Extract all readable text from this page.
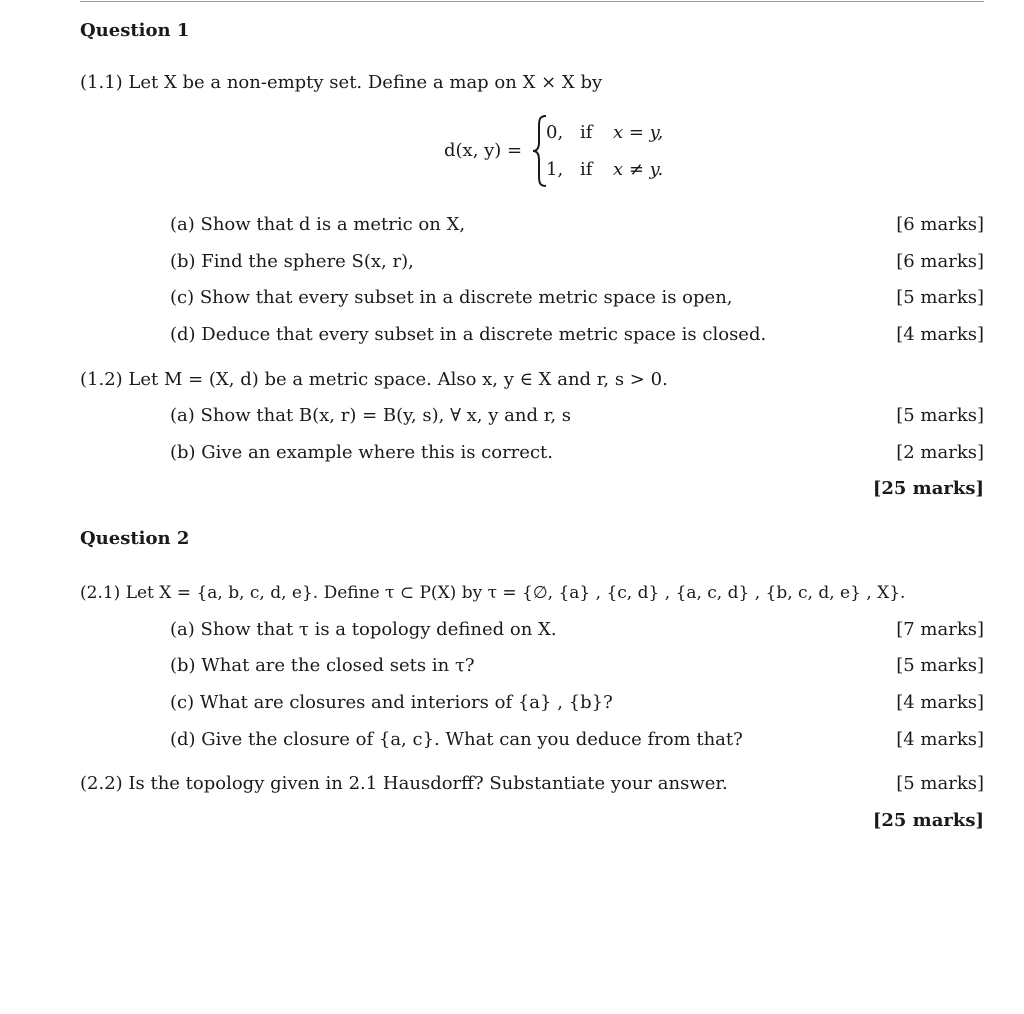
Question 1
(1.1) Let X be a non-empty set. Define a map on X × X by
d(x, y) =
0, if x = y,
1, if x ≠ y.
(a) Show that d is a metric on X,	[6 marks]
(b) Find the sphere S(x, r),	[6 marks]
(c) Show that every subset in a discrete metric space is open,	[5 marks]
(d) Deduce that every subset in a discrete metric space is closed.	[4 marks]
(1.2) Let M = (X, d) be a metric space. Also x, y ∈ X and r, s > 0.
(a) Show that B(x, r) = B(y, s), ∀ x, y and r, s	[5 marks]
(b) Give an example where this is correct.	[2 marks]
[25 marks]
Question 2
(2.1) Let X = {a, b, c, d, e}. Define τ ⊂ P(X) by τ = {∅, {a} , {c, d} , {a, c, d} , {b, c, d, e} , X}.
(a) Show that τ is a topology defined on X.	[7 marks]
(b) What are the closed sets in τ?	[5 marks]
(c) What are closures and interiors of {a} , {b}?	[4 marks]
(d) Give the closure of {a, c}. What can you deduce from that?	[4 marks]
(2.2) Is the topology given in 2.1 Hausdorff? Substantiate your answer.	[5 marks]
[25 marks]
